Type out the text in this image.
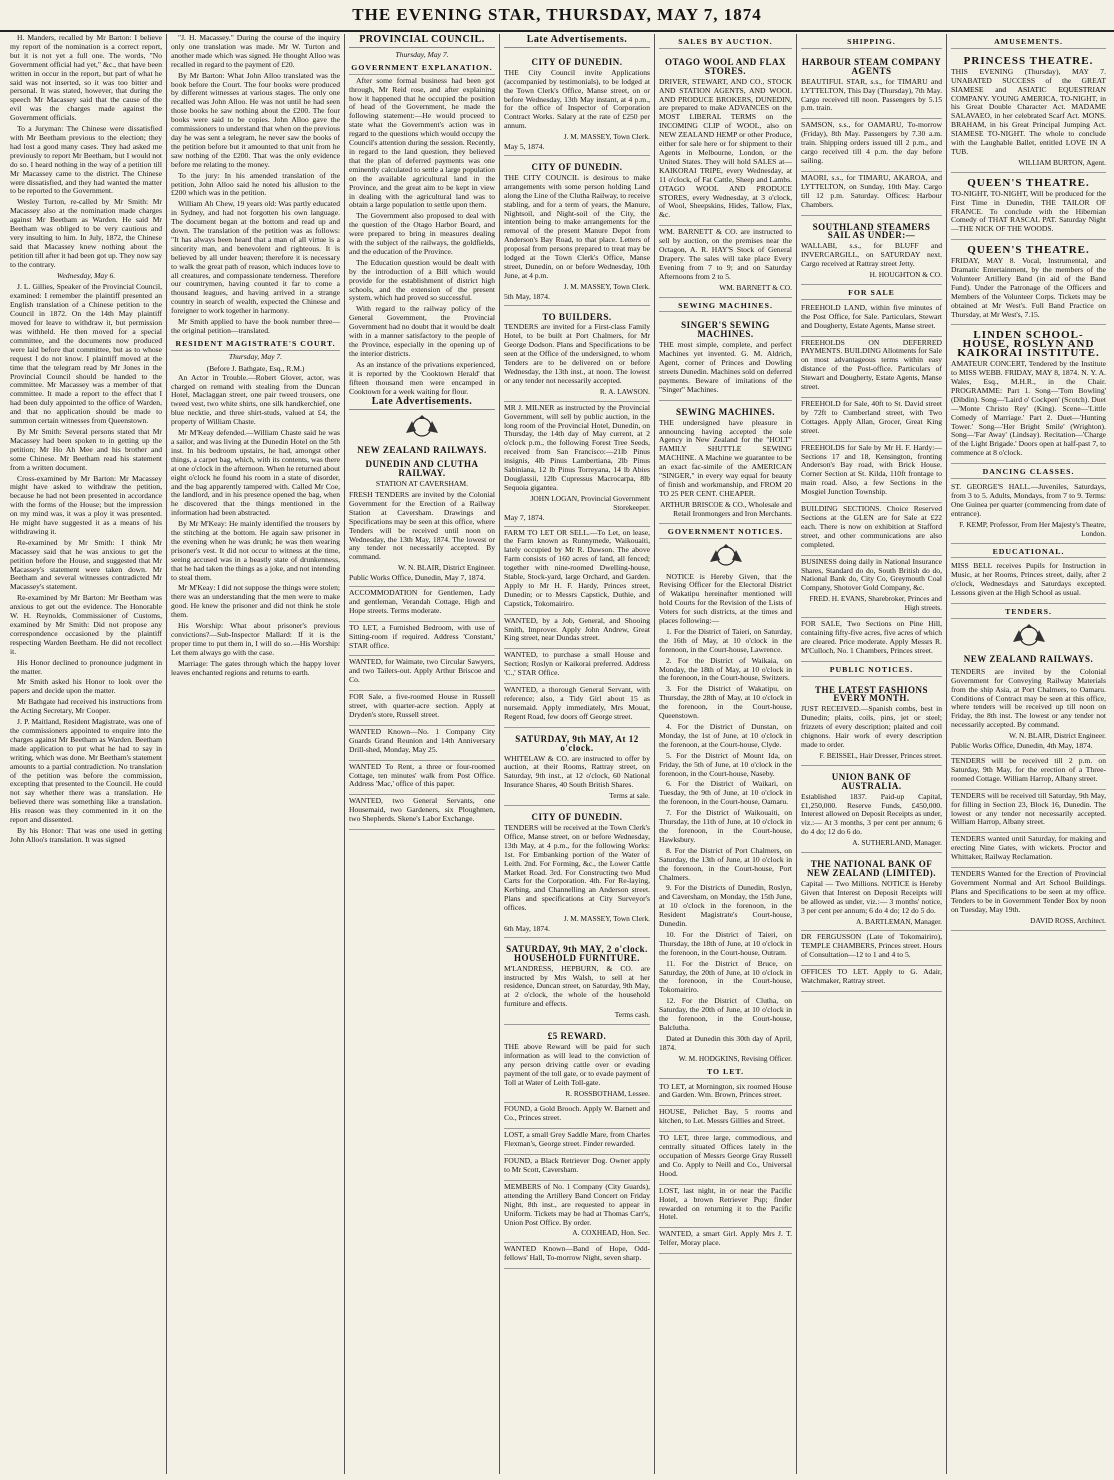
THE EVENING STAR, THURSDAY, MAY 7, 1874

H. Manders, recalled by Mr Barton: I believe my report of the nomination is a correct report, but it is not yet a full one. The words, "No Government official had yet," &c., that have been written in occur in the report, but part of what he said was not inserted, so it was too bitter and personal. It was stated, however, that during the speech Mr Macassey said that the cause of the evil was the charges made against the Government officials.

To a Juryman: The Chinese were dissatisfied with Mr Beetham previous to the election; they had lost a good many cases. They had asked me previously to report Mr Beetham, but I would not do so. I heard nothing in the way of a petition till Mr Macassey came to the district. The Chinese were dissatisfied, and they had wanted the matter to be reported to the Government.

Wesley Turton, re-called by Mr Smith: Mr Macassey also at the nomination made charges against Mr Beetham as Warden. He said Mr Beetham was obliged to be very cautious and very insulting to him. In July, 1872, the Chinese said that Macassey knew nothing about the petition till after it had been got up. They now say to the contrary.

Wednesday, May 6.

J. L. Gillies, Speaker of the Provincial Council, examined: I remember the plaintiff presented an English translation of a Chinese petition to the Council in 1872. On the 14th May plaintiff moved for leave to withdraw it, but permission was withheld. He then moved for a special committee, and the documents now produced were laid before that committee, but as to whose request I do not know. I plaintiff moved at the time that the telegram read by Mr Jones in the Provincial Council should be handed to the committee. Mr Macassey was a member of that committee. It made a report to the effect that I had been duly appointed to the office of Warden, and that no application should be made to summon certain witnesses from Queenstown.

By Mr Smith: Several persons stated that Mr Macassey had been spoken to in getting up the petition; Mr Ho Ah Mee and his brother and some Chinese. Mr Beetham read his statement from a written document.

Cross-examined by Mr Barton: Mr Macassey might have asked to withdraw the petition, because he had not been presented in accordance with the forms of the House; but the impression on my mind was, it was a ploy it was presented. He might have suggested it as a means of his withdrawing it.

Re-examined by Mr Smith: I think Mr Macassey said that he was anxious to get the petition before the House, and suggested that Mr Macassey's statement were taken down. Mr Beetham and several witnesses contradicted Mr Macassey's statement.

Re-examined by Mr Barton: Mr Beetham was anxious to get out the evidence. The Honorable W. H. Reynolds, Commissioner of Customs, examined by Mr Smith: Did not propose any correspondence occasioned by the plaintiff respecting Warden Beetham. He did not recollect it.

His Honor declined to pronounce judgment in the matter.

Mr Smith asked his Honor to look over the papers and decide upon the matter.

Mr Bathgate had received his instructions from the Acting Secretary, Mr Cooper.

J. P. Maitland, Resident Magistrate, was one of the commissioners appointed to enquire into the charges against Mr Beetham as Warden. Beetham made application to put what he had to say in writing, which was done. Mr Beetham's statement amounts to a partial contradiction. No translation of the petition was before the commission, excepting that presented to the Council. He could not say whether there was a translation. He believed there was something like a translation. His reason was they commented in it on the report and dissented.

By his Honor: That was one used in getting John Alloo's translation. It was signed

"J. H. Macassey." During the course of the inquiry only one translation was made. Mr W. Turton and another made which was signed. He thought Alloo was recalled in regard to the payment of £20.

By Mr Barton: What John Alloo translated was the book before the Court. The four books were produced by different witnesses at various stages. The only one recalled was John Alloo. He was not until he had seen those books he saw nothing about the £200. The four books were said to be copies. John Alloo gave the commissioners to understand that when on the previous day he was sent a telegram, he never saw the books of the petition before but it amounted to that unit from he saw nothing of the £200. That was the only evidence before me relating to the money.

To the jury: In his amended translation of the petition, John Alloo said he noted his allusion to the £200 which was in the petition.

William Ah Chew, 19 years old: Was partly educated in Sydney, and had not forgotten his own language. The document began at the bottom and read up and down. The translation of the petition was as follows: "It has always been heard that a man of all virtue is a sincerity man, and benevolent and righteous. It is believed by all under heaven; therefore it is necessary to walk the great path of reason, which induces love to all creatures, and compassionate tenderness. Therefore our countrymen, having counted it far to come a thousand leagues, and having arrived in a strange country in search of wealth, expected the Chinese and foreigner to work together in harmony.

Mr Smith applied to have the book number three—the original petition—translated.

RESIDENT MAGISTRATE'S COURT.
Thursday, May 7.
(Before J. Bathgate, Esq., R.M.)

An Actor in Trouble.—Robert Glover, actor, was charged on remand with stealing from the Duncan Hotel, Maclaggan street, one pair tweed trousers, one tweed vest, two white shirts, one silk handkerchief, one blue necktie, and three shirt-studs, valued at £4, the property of William Chaste.

Mr M'Keay defended.—William Chaste said he was a sailor, and was living at the Dunedin Hotel on the 5th inst. In his bedroom upstairs, he had, amongst other things, a carpet bag, which, with its contents, was there at one o'clock in the afternoon. When he returned about eight o'clock he found his room in a state of disorder, and the bag apparently tampered with. Called Mr Coe, the landlord, and in his presence opened the bag, when he discovered that the things mentioned in the information had been abstracted.

By Mr M'Keay: He mainly identified the trousers by the stitching at the bottom. He again saw prisoner in the evening when he was drunk; he was then wearing prisoner's vest. It did not occur to witness at the time, seeing accused was in a beastly state of drunkenness, that he had taken the things as a joke, and not intending to steal them.

Mr M'Keay: I did not suppose the things were stolen; there was an understanding that the men were to make good. He knew the prisoner and did not think he stole them.

His Worship: What about prisoner's previous convictions?—Sub-Inspector Mallard: If it is the proper time to put them in, I will do so.—His Worship: Let them always go with the case.

Marriage: The gates through which the happy lover leaves enchanted regions and returns to earth.

PROVINCIAL COUNCIL.
Thursday, May 7.
GOVERNMENT EXPLANATION.

After some formal business had been got through, Mr Reid rose, and after explaining how it happened that he occupied the position of head of the Government, he made the following statement:—He would proceed to state what the Government's action was in regard to the questions which would occupy the Council's attention during the session. Recently, in regard to the land question, they believed that the plan of deferred payments was one eminently calculated to settle a large population on the available agricultural land in the Province, and the great aim to be kept in view in dealing with the agricultural land was to obtain a large population to settle upon them.

The Government also proposed to deal with the question of the Otago Harbor Board, and were prepared to bring in measures dealing with the subject of the railways, the goldfields, and the education of the Province.

The Education question would be dealt with by the introduction of a Bill which would provide for the establishment of district high schools, and the extension of the present system, which had proved so successful.

With regard to the railway policy of the General Government, the Provincial Government had no doubt that it would be dealt with in a manner satisfactory to the people of the Province, especially in the opening up of the interior districts.

As an instance of the privations experienced, it is reported by the 'Cooktown Herald' that fifteen thousand men were encamped in Cooktown for a week waiting for flour.

Late Advertisements.
NEW ZEALAND RAILWAYS.
DUNEDIN AND CLUTHA RAILWAY.
STATION AT CAVERSHAM.

FRESH TENDERS are invited by the Colonial Government for the Erection of a Railway Station at Caversham. Drawings and Specifications may be seen at this office, where Tenders will be received until noon on Wednesday, the 13th May, 1874. The lowest or any tender not necessarily accepted. By command.

W. N. BLAIR, District Engineer.
Public Works Office, Dunedin, May 7, 1874.

ACCOMMODATION for Gentlemen, Lady and gentleman, Verandah Cottage, High and Hope streets. Terms moderate.

TO LET, a Furnished Bedroom, with use of Sitting-room if required. Address 'Constant,' STAR office.

WANTED, for Waimate, two Circular Sawyers, and two Tailers-out. Apply Arthur Briscoe and Co.

FOR Sale, a five-roomed House in Russell street, with quarter-acre section. Apply at Dryden's store, Russell street.

WANTED Known—No. 1 Company City Guards Grand Reunion and 14th Anniversary Drill-shed, Monday, May 25.

WANTED To Rent, a three or four-roomed Cottage, ten minutes' walk from Post Office. Address 'Mac,' office of this paper.

WANTED, two General Servants, one Housemaid, two Gardeners, six Ploughmen, two Shepherds. Skene's Labor Exchange.

Late Advertisements.
CITY OF DUNEDIN.

THE City Council invite Applications (accompanied by testimonials), to be lodged at the Town Clerk's Office, Manse street, on or before Wednesday, 13th May instant, at 4 p.m., for the office of Inspector of Corporation Contract Works. Salary at the rate of £250 per annum.

J. M. MASSEY, Town Clerk.
May 5, 1874.
CITY OF DUNEDIN.

THE CITY COUNCIL is desirous to make arrangements with some person holding Land along the Line of the Clutha Railway, to receive stabling, and for a term of years, the Manure, Nightsoil, and Night-soil of the City, the intention being to make arrangements for the removal of the present Manure Depot from Anderson's Bay Road, to that place. Letters of proposal from persons prepared to treat may be lodged at the Town Clerk's Office, Manse street, Dunedin, on or before Wednesday, 10th June, at 4 p.m.

J. M. MASSEY, Town Clerk.
5th May, 1874.
TO BUILDERS.

TENDERS are invited for a First-class Family Hotel, to be built at Port Chalmers, for Mr George Dodson. Plans and Specifications to be seen at the Office of the undersigned, to whom Tenders are to be delivered on or before Wednesday, the 13th inst., at noon. The lowest or any tender not necessarily accepted.

R. A. LAWSON.

MR J. MILNER as instructed by the Provincial Government, will sell by public auction, in the long room of the Provincial Hotel, Dunedin, on Thursday, the 14th day of May current, at 2 o'clock p.m., the following Forest Tree Seeds, received from San Francisco:—21lb Pinus insignis, 4lb Pinus Lambertiana, 2lb Pinus Sabiniana, 12 lb Pinus Torreyana, 14 lb Abies Douglassii, 12lb Cupressus Macrocarpa, 8lb Sequoia gigantea.

JOHN LOGAN, Provincial Government Storekeeper.
May 7, 1874.

FARM TO LET OR SELL.—To Let, on lease, the Farm known as Runnymede, Waikouaiti, lately occupied by Mr R. Dawson. The above Farm consists of 160 acres of land, all fenced; together with nine-roomed Dwelling-house, Stable, Stock-yard, large Orchard, and Garden. Apply to Mr H. F. Hardy, Princes street, Dunedin; or to Messrs Capstick, Duthie, and Capstick, Tokomairiro.

WANTED, by a Job, General, and Shooing Smith, Improver. Apply John Andrew, Great King street, near Dundas street.

WANTED, to purchase a small House and Section; Roslyn or Kaikorai preferred. Address 'C.,' STAR Office.

WANTED, a thorough General Servant, with reference; also, a Tidy Girl about 15 as nursemaid. Apply immediately, Mrs Mouat, Regent Road, few doors off George street.

SATURDAY, 9th MAY, At 12 o'clock.

WHITELAW & CO. are instructed to offer by auction, at their Rooms, Rattray street, on Saturday, 9th inst., at 12 o'clock, 60 National Insurance Shares, 40 South British Shares.

Terms at sale.
CITY OF DUNEDIN.

TENDERS will be received at the Town Clerk's Office, Manse street, on or before Wednesday, 13th May, at 4 p.m., for the following Works: 1st. For Embanking portion of the Water of Leith. 2nd. For Forming, &c., the Lower Cattle Market Road. 3rd. For Constructing two Mud Carts for the Corporation. 4th. For Re-laying, Kerbing, and Channelling an Anderson street. Plans and specifications at City Surveyor's offices.

J. M. MASSEY, Town Clerk.
6th May, 1874.
SATURDAY, 9th MAY, 2 o'clock. HOUSEHOLD FURNITURE.

M'LANDRESS, HEPBURN, & CO. are instructed by Mrs Walsh, to sell at her residence, Duncan street, on Saturday, 9th May, at 2 o'clock, the whole of the household furniture and effects.

Terms cash.
£5 REWARD.

THE above Reward will be paid for such information as will lead to the conviction of any person driving cattle over or evading payment of the toll gate, or to evade payment of Toll at Water of Leith Toll-gate.

R. ROSSBOTHAM, Lessee.

FOUND, a Gold Brooch. Apply W. Barnett and Co., Princes street.

LOST, a small Grey Saddle Mare, from Charles Flexman's, George street. Finder rewarded.

FOUND, a Black Retriever Dog. Owner apply to Mr Scott, Caversham.

MEMBERS of No. 1 Company (City Guards), attending the Artillery Band Concert on Friday Night, 8th inst., are requested to appear in Uniform. Tickets may be had at Thomas Carr's, Union Post Office. By order.

A. COXHEAD, Hon. Sec.

WANTED Known—Band of Hope, Odd-fellows' Hall, To-morrow Night, seven sharp.

SALES BY AUCTION.
OTAGO WOOL AND FLAX STORES.

DRIVER, STEWART, AND CO., STOCK AND STATION AGENTS, AND WOOL AND PRODUCE BROKERS, DUNEDIN, are prepared to make ADVANCES on the MOST LIBERAL TERMS on the INCOMING CLIP of WOOL, also on NEW ZEALAND HEMP or other Produce, either for sale here or for shipment to their Agents in Melbourne, London, or the United States. They will hold SALES at—KAIKORAI TRIPE, every Wednesday, at 11 o'clock, of Fat Cattle, Sheep and Lambs. OTAGO WOOL AND PRODUCE STORES, every Wednesday, at 3 o'clock, of Wool, Sheepskins, Hides, Tallow, Flax, &c.

WM. BARNETT & CO. are instructed to sell by auction, on the premises near the Octagon, A. R. HAY'S Stock of General Drapery. The sales will take place Every Evening from 7 to 9; and on Saturday Afternoons from 2 to 5.

WM. BARNETT & CO.
SEWING MACHINES.
SINGER'S SEWING MACHINES.

THE most simple, complete, and perfect Machines yet invented. G. M. Aldrich, Agent, corner of Princes and Dowling streets Dunedin. Machines sold on deferred payments. Beware of imitations of the "Singer" Machines.

SEWING MACHINES.

THE undersigned have pleasure in announcing having accepted the sole Agency in New Zealand for the "HOLT" FAMILY SHUTTLE SEWING MACHINE. A Machine we guarantee to be an exact fac-simile of the AMERICAN "SINGER," in every way equal for beauty of finish and workmanship, and FROM 20 TO 25 PER CENT. CHEAPER.

ARTHUR BRISCOE & CO., Wholesale and Retail Ironmongers and Iron Merchants.
GOVERNMENT NOTICES.

NOTICE is Hereby Given, that the Revising Officer for the Electoral District of Wakatipu hereinafter mentioned will hold Courts for the Revision of the Lists of Voters for such districts, at the times and places following:—

1. For the District of Taieri, on Saturday, the 16th of May, at 10 o'clock in the forenoon, in the Court-house, Lawrence.

2. For the District of Waikaia, on Monday, the 18th of May, at 10 o'clock in the forenoon, in the Court-house, Switzers.

3. For the District of Wakatipu, on Thursday, the 28th of May, at 10 o'clock in the forenoon, in the Court-house, Queenstown.

4. For the District of Dunstan, on Monday, the 1st of June, at 10 o'clock in the forenoon, at the Court-house, Clyde.

5. For the District of Mount Ida, on Friday, the 5th of June, at 10 o'clock in the forenoon, in the Court-house, Naseby.

6. For the District of Waikari, on Tuesday, the 9th of June, at 10 o'clock in the forenoon, in the Court-house, Oamaru.

7. For the District of Waikouaiti, on Thursday, the 11th of June, at 10 o'clock in the forenoon, in the Court-house, Hawksbury.

8. For the District of Port Chalmers, on Saturday, the 13th of June, at 10 o'clock in the forenoon, in the Court-house, Port Chalmers.

9. For the Districts of Dunedin, Roslyn, and Caversham, on Monday, the 15th June, at 10 o'clock in the forenoon, in the Resident Magistrate's Court-house, Dunedin.

10. For the District of Taieri, on Thursday, the 18th of June, at 10 o'clock in the forenoon, in the Court-house, Outram.

11. For the District of Bruce, on Saturday, the 20th of June, at 10 o'clock in the forenoon, in the Court-house, Tokomairiro.

12. For the District of Clutha, on Saturday, the 20th of June, at 10 o'clock in the forenoon, in the Court-house, Balclutha.

Dated at Dunedin this 30th day of April, 1874.

W. M. HODGKINS, Revising Officer.
TO LET.

TO LET, at Mornington, six roomed House and Garden. Wm. Brown, Princes street.

HOUSE, Pelichet Bay, 5 rooms and kitchen, to Let. Messrs Gillies and Street.

TO LET, three large, commodious, and centrally situated Offices lately in the occupation of Messrs George Gray Russell and Co. Apply to Neill and Co., Universal Hood.

LOST, last night, in or near the Pacific Hotel, a brown Retriever Pup; finder rewarded on returning it to the Pacific Hotel.

WANTED, a smart Girl. Apply Mrs J. T. Telfer, Moray place.

SHIPPING.
HARBOUR STEAM COMPANY AGENTS

BEAUTIFUL STAR, s.s., for TIMARU and LYTTELTON, This Day (Thursday), 7th May. Cargo received till noon. Passengers by 5.15 p.m. train.

SAMSON, s.s., for OAMARU, To-morrow (Friday), 8th May. Passengers by 7.30 a.m. train. Shipping orders issued till 2 p.m., and cargo received till 4 p.m. the day before sailing.

MAORI, s.s., for TIMARU, AKAROA, and LYTTELTON, on Sunday, 10th May. Cargo till 12 p.m. Saturday. Offices: Harbour Chambers.

SOUTHLAND STEAMERS SAIL AS UNDER:—

WALLABI, s.s., for BLUFF and INVERCARGILL, on SATURDAY next. Cargo received at Rattray street Jetty.

H. HOUGHTON & CO.
FOR SALE

FREEHOLD LAND, within five minutes of the Post Office, for Sale. Particulars, Stewart and Dougherty, Estate Agents, Manse street.

FREEHOLDS ON DEFERRED PAYMENTS. BUILDING Allotments for Sale on most advantageous terms within easy distance of the Post-office. Particulars of Stewart and Dougherty, Estate Agents, Manse street.

FREEHOLD for Sale, 40ft to St. David street by 72ft to Cumberland street, with Two Cottages. Apply Allan, Grocer, Great King street.

FREEHOLDS for Sale by Mr H. F. Hardy:—Sections 17 and 18, Kensington, fronting Anderson's Bay road, with Brick House. Corner Section at St. Kilda, 110ft frontage to main road. Also, a few Sections in the Mosgiel Junction Township.

BUILDING SECTIONS. Choice Reserved Sections at the GLEN are for Sale at £22 each. There is now on exhibition at Stafford street, and other communications are also completed.

BUSINESS doing daily in National Insurance Shares, Standard do do, South British do do, National Bank do, City Co, Greymouth Coal Company, Shotover Gold Company, &c.

FRED. H. EVANS, Sharebroker, Princes and High streets.

FOR SALE, Two Sections on Pine Hill, containing fifty-five acres, five acres of which are cleared. Price moderate. Apply Messrs R. M'Culloch, No. 1 Chambers, Princes street.

PUBLIC NOTICES.
THE LATEST FASHIONS EVERY MONTH.

JUST RECEIVED.—Spanish combs, best in Dunedin; plaits, coils, pins, jet or steel; frizzets of every description; plaited and coil chignons. Hair work of every description made to order.

F. BEISSEL, Hair Dresser, Princes street.
UNION BANK OF AUSTRALIA.

Established 1837. Paid-up Capital, £1,250,000. Reserve Funds, £450,000. Interest allowed on Deposit Receipts as under, viz.:— At 3 months, 3 per cent per annum; 6 do 4 do; 12 do 6 do.

A. SUTHERLAND, Manager.
THE NATIONAL BANK OF NEW ZEALAND (LIMITED).

Capital — Two Millions. NOTICE is Hereby Given that Interest on Deposit Receipts will be allowed as under, viz.:— 3 months' notice, 3 per cent per annum; 6 do 4 do; 12 do 5 do.

A. BARTLEMAN, Manager.

DR FERGUSSON (Late of Tokomairiro), TEMPLE CHAMBERS, Princes street. Hours of Consultation—12 to 1 and 4 to 5.

OFFICES TO LET. Apply to G. Adair, Watchmaker, Rattray street.

AMUSEMENTS.
PRINCESS THEATRE.

THIS EVENING (Thursday), MAY 7. UNABATED SUCCESS of the GREAT SIAMESE and ASIATIC EQUESTRIAN COMPANY. YOUNG AMERICA, TO-NIGHT, in his Great Double Character Act. MADAME SALAVAEO, in her celebrated Scarf Act. MONS. BRAHAM, in his Great Principal Jumping Act. SIAMESE TO-NIGHT. The whole to conclude with the Laughable Ballet, entitled LOVE IN A TUB.

WILLIAM BURTON, Agent.
QUEEN'S THEATRE.

TO-NIGHT, TO-NIGHT, Will be produced for the First Time in Dunedin, THE TAILOR OF FRANCE. To conclude with the Hibernian Comedy of THAT RASCAL PAT. Saturday Night—THE NICK OF THE WOODS.

QUEEN'S THEATRE.

FRIDAY, MAY 8. Vocal, Instrumental, and Dramatic Entertainment, by the members of the Volunteer Artillery Band (in aid of the Band Fund). Under the Patronage of the Officers and Members of the Volunteer Corps. Tickets may be obtained at Mr West's. Full Band Practice on Thursday, at Mr West's, 7.15.

LINDEN SCHOOL-HOUSE, ROSLYN AND KAIKORAI INSTITUTE.

AMATEUR CONCERT, Tendered by the Institute to MISS WEBB. FRIDAY, MAY 8, 1874. N. Y. A. Wales, Esq., M.H.R., in the Chair. PROGRAMME: Part 1. Song—'Tom Bowling' (Dibdin). Song—'Laird o' Cockpen' (Scotch). Duet—'Monte Christo Rey' (King). Scene—'Little Comedy of Marriage.' Part 2. Duet—'Hunting Tower.' Song—'Her Bright Smile' (Wrighton). Song—'Far Away' (Lindsay). Recitation—'Charge of the Light Brigade.' Doors open at half-past 7, to commence at 8 o'clock.

DANCING CLASSES.

ST. GEORGE'S HALL.—Juveniles, Saturdays, from 3 to 5. Adults, Mondays, from 7 to 9. Terms: One Guinea per quarter (commencing from date of entrance).

F. KEMP, Professor, From Her Majesty's Theatre, London.
EDUCATIONAL.

MISS BELL receives Pupils for Instruction in Music, at her Rooms, Princes street, daily, after 2 o'clock, Wednesdays and Saturdays excepted. Lessons given at the High School as usual.

TENDERS.
NEW ZEALAND RAILWAYS.

TENDERS are invited by the Colonial Government for Conveying Railway Materials from the ship Asia, at Port Chalmers, to Oamaru. Conditions of Contract may be seen at this office, where tenders will be received up till noon on Friday, the 8th inst. The lowest or any tender not necessarily accepted. By command.

W. N. BLAIR, District Engineer.
Public Works Office, Dunedin, 4th May, 1874.

TENDERS will be received till 2 p.m. on Saturday, 9th May, for the erection of a Three-roomed Cottage. William Harrop, Albany street.

TENDERS will be received till Saturday, 9th May, for filling in Section 23, Block 16, Dunedin. The lowest or any tender not necessarily accepted. William Harrop, Albany street.

TENDERS wanted until Saturday, for making and erecting Nine Gates, with wickets. Proctor and Whittaker, Railway Reclamation.

TENDERS Wanted for the Erection of Provincial Government Normal and Art School Buildings. Plans and Specifications to be seen at my office. Tenders to be in Government Tender Box by noon on Tuesday, May 19th.

DAVID ROSS, Architect.
